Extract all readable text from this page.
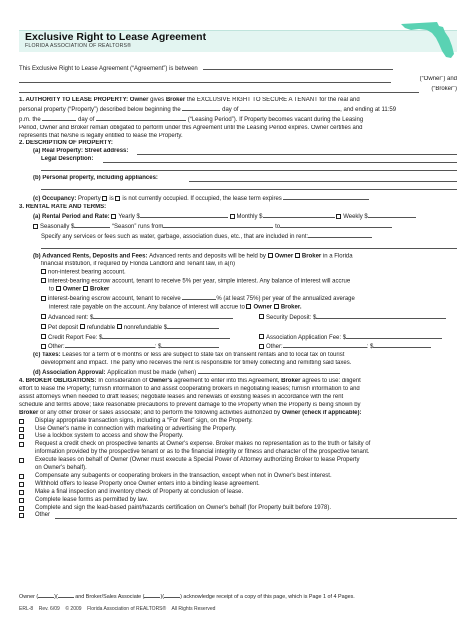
Exclusive Right to Lease Agreement
FLORIDA ASSOCIATION OF REALTORS®
This Exclusive Right to Lease Agreement (“Agreement”) is between
(“Owner”) and
(“Broker”)
1. AUTHORITY TO LEASE PROPERTY: Owner gives Broker the EXCLUSIVE RIGHT TO SECURE A TENANT for the real and
personal property (“Property”) described below beginning the	day of	, and ending at 11:59
p.m. the	day of	(“Leasing Period”). If Property becomes vacant during the Leasing
Period, Owner and Broker remain obligated to perform under this Agreement until the Leasing Period expires. Owner certifies and
represents that he/she is legally entitled to lease the Property.
2. DESCRIPTION OF PROPERTY:
(a) Real Property: Street address:
Legal Description:
(b) Personal property, including appliances:
(c) Occupancy: Property is is not currently occupied. If occupied, the lease term expires
3. RENTAL RATE AND TERMS:
(a) Rental Period and Rate: Yearly $	Monthly $	Weekly $
Seasonally $	“Season” runs from	to
Specify any services or fees such as water, garbage, association dues, etc., that are included in rent:
(b) Advanced Rents, Deposits and Fees: Advanced rents and deposits will be held by Owner Broker in a Florida
financial institution, if required by Florida Landlord and Tenant law, in a(n)
non-interest bearing account.
interest-bearing escrow account, tenant to receive 5% per year, simple interest. Any balance of interest will accrue
to Owner Broker
interest-bearing escrow account, tenant to receive	% (at least 75%) per year of the annualized average
interest rate payable on the account. Any balance of interest will accrue to Owner Broker.
Advanced rent: $	Security Deposit: $
Pet deposit refundable nonrefundable $
Credit Report Fee: $	Association Application Fee: $
Other:	: $	Other:	: $
(c) Taxes: Leases for a term of 6 months or less are subject to state tax on transient rentals and to local tax on tourist
development and impact. The party who receives the rent is responsible for timely collecting and remitting said taxes.
(d) Association Approval: Application must be made (when)
4. BROKER OBLIGATIONS: In consideration of Owner's agreement to enter into this Agreement, Broker agrees to use: diligent
effort to lease the Property; furnish information to and assist cooperating brokers in negotiating leases; furnish information to and
assist attorneys when needed to draft leases; negotiate leases and renewals of existing leases in accordance with the rent
schedule and terms above; take reasonable precautions to prevent damage to the Property when the Property is being shown by
Broker or any other broker or sales associate; and to perform the following activities authorized by Owner (check if applicable):
Display appropriate transaction signs, including a “For Rent” sign, on the Property.
Use Owner's name in connection with marketing or advertising the Property.
Use a lockbox system to access and show the Property.
Request a credit check on prospective tenants at Owner's expense. Broker makes no representation as to the truth or falsity of
information provided by the prospective tenant or as to the financial integrity or fitness and character of the prospective tenant.
Execute leases on behalf of Owner (Owner must execute a Special Power of Attorney authorizing Broker to lease Property
on Owner's behalf).
Compensate any subagents or cooperating brokers in the transaction, except when not in Owner's best interest.
Withhold offers to lease Property once Owner enters into a binding lease agreement.
Make a final inspection and inventory check of Property at conclusion of lease.
Complete lease forms as permitted by law.
Complete and sign the lead-based paint/hazards certification on Owner's behalf (for Property built before 1978).
Other
Owner (	)(	and Broker/Sales Associate (	)(	) acknowledge receipt of a copy of this page, which is Page 1 of 4 Pages.
ERL-8 Rev. 6/09 © 2009 Florida Association of REALTORS® All Rights Reserved
